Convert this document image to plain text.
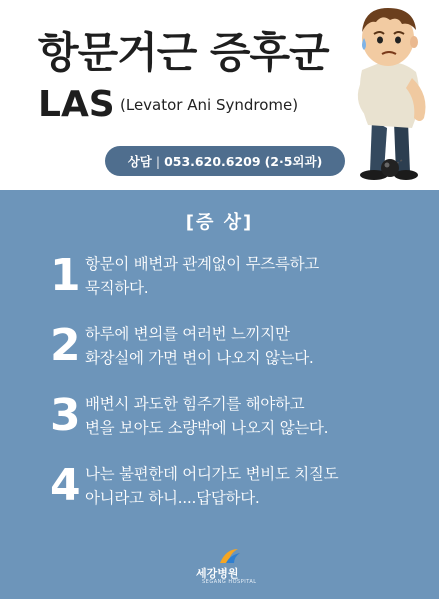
항문거근 증후군
LAS (Levator Ani Syndrome)
상담 | 053.620.6209 (2·5외과)
[증 상]
1 항문이 배변과 관계없이 무즈륵하고
묵직하다.
2 하루에 변의를 여러번 느끼지만
화장실에 가면 변이 나오지 않는다.
3 배변시 과도한 힘주기를 해야하고
변을 보아도 소량밖에 나오지 않는다.
4 나는 불편한데 어디가도 변비도 치질도
아니라고 하니....답답하다.
세강병원
SEGANG HOSPITAL
